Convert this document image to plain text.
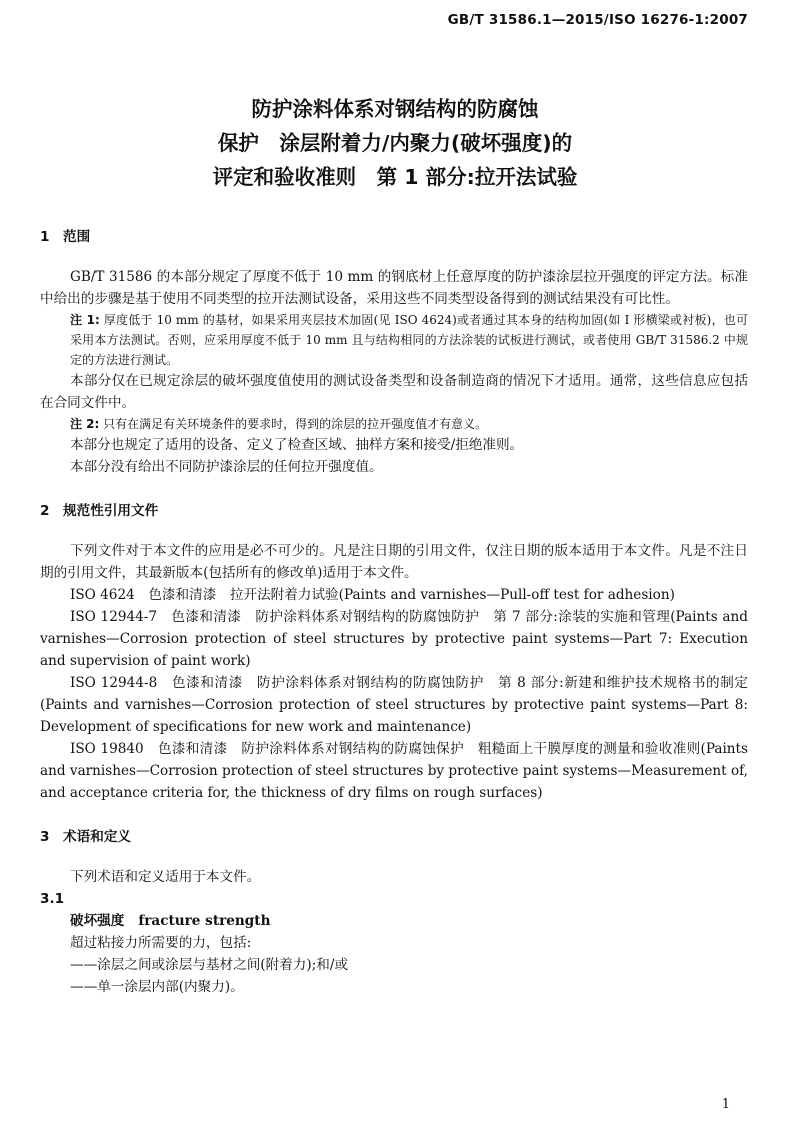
GB/T 31586.1—2015/ISO 16276-1:2007
防护涂料体系对钢结构的防腐蚀
保护　涂层附着力/内聚力(破坏强度)的
评定和验收准则　第 1 部分:拉开法试验

1　范围

GB/T 31586 的本部分规定了厚度不低于 10 mm 的钢底材上任意厚度的防护漆涂层拉开强度的评定方法。标准中给出的步骤是基于使用不同类型的拉开法测试设备，采用这些不同类型设备得到的测试结果没有可比性。

注 1: 厚度低于 10 mm 的基材，如果采用夹层技术加固(见 ISO 4624)或者通过其本身的结构加固(如 I 形横梁或衬板)，也可采用本方法测试。否则，应采用厚度不低于 10 mm 且与结构相同的方法涂装的试板进行测试，或者使用 GB/T 31586.2 中规定的方法进行测试。

本部分仅在已规定涂层的破坏强度值使用的测试设备类型和设备制造商的情况下才适用。通常，这些信息应包括在合同文件中。

注 2: 只有在满足有关环境条件的要求时，得到的涂层的拉开强度值才有意义。

本部分也规定了适用的设备、定义了检查区域、抽样方案和接受/拒绝准则。

本部分没有给出不同防护漆涂层的任何拉开强度值。

2　规范性引用文件

下列文件对于本文件的应用是必不可少的。凡是注日期的引用文件，仅注日期的版本适用于本文件。凡是不注日期的引用文件，其最新版本(包括所有的修改单)适用于本文件。

ISO 4624　色漆和清漆　拉开法附着力试验(Paints and varnishes—Pull-off test for adhesion)

ISO 12944-7　色漆和清漆　防护涂料体系对钢结构的防腐蚀防护　第 7 部分:涂装的实施和管理(Paints and varnishes—Corrosion protection of steel structures by protective paint systems—Part 7: Execution and supervision of paint work)

ISO 12944-8　色漆和清漆　防护涂料体系对钢结构的防腐蚀防护　第 8 部分:新建和维护技术规格书的制定(Paints and varnishes—Corrosion protection of steel structures by protective paint systems—Part 8: Development of specifications for new work and maintenance)

ISO 19840　色漆和清漆　防护涂料体系对钢结构的防腐蚀保护　粗糙面上干膜厚度的测量和验收准则(Paints and varnishes—Corrosion protection of steel structures by protective paint systems—Measurement of, and acceptance criteria for, the thickness of dry films on rough surfaces)

3　术语和定义

下列术语和定义适用于本文件。

3.1

破坏强度 fracture strength

超过粘接力所需要的力，包括:

——涂层之间或涂层与基材之间(附着力);和/或

——单一涂层内部(内聚力)。

1
